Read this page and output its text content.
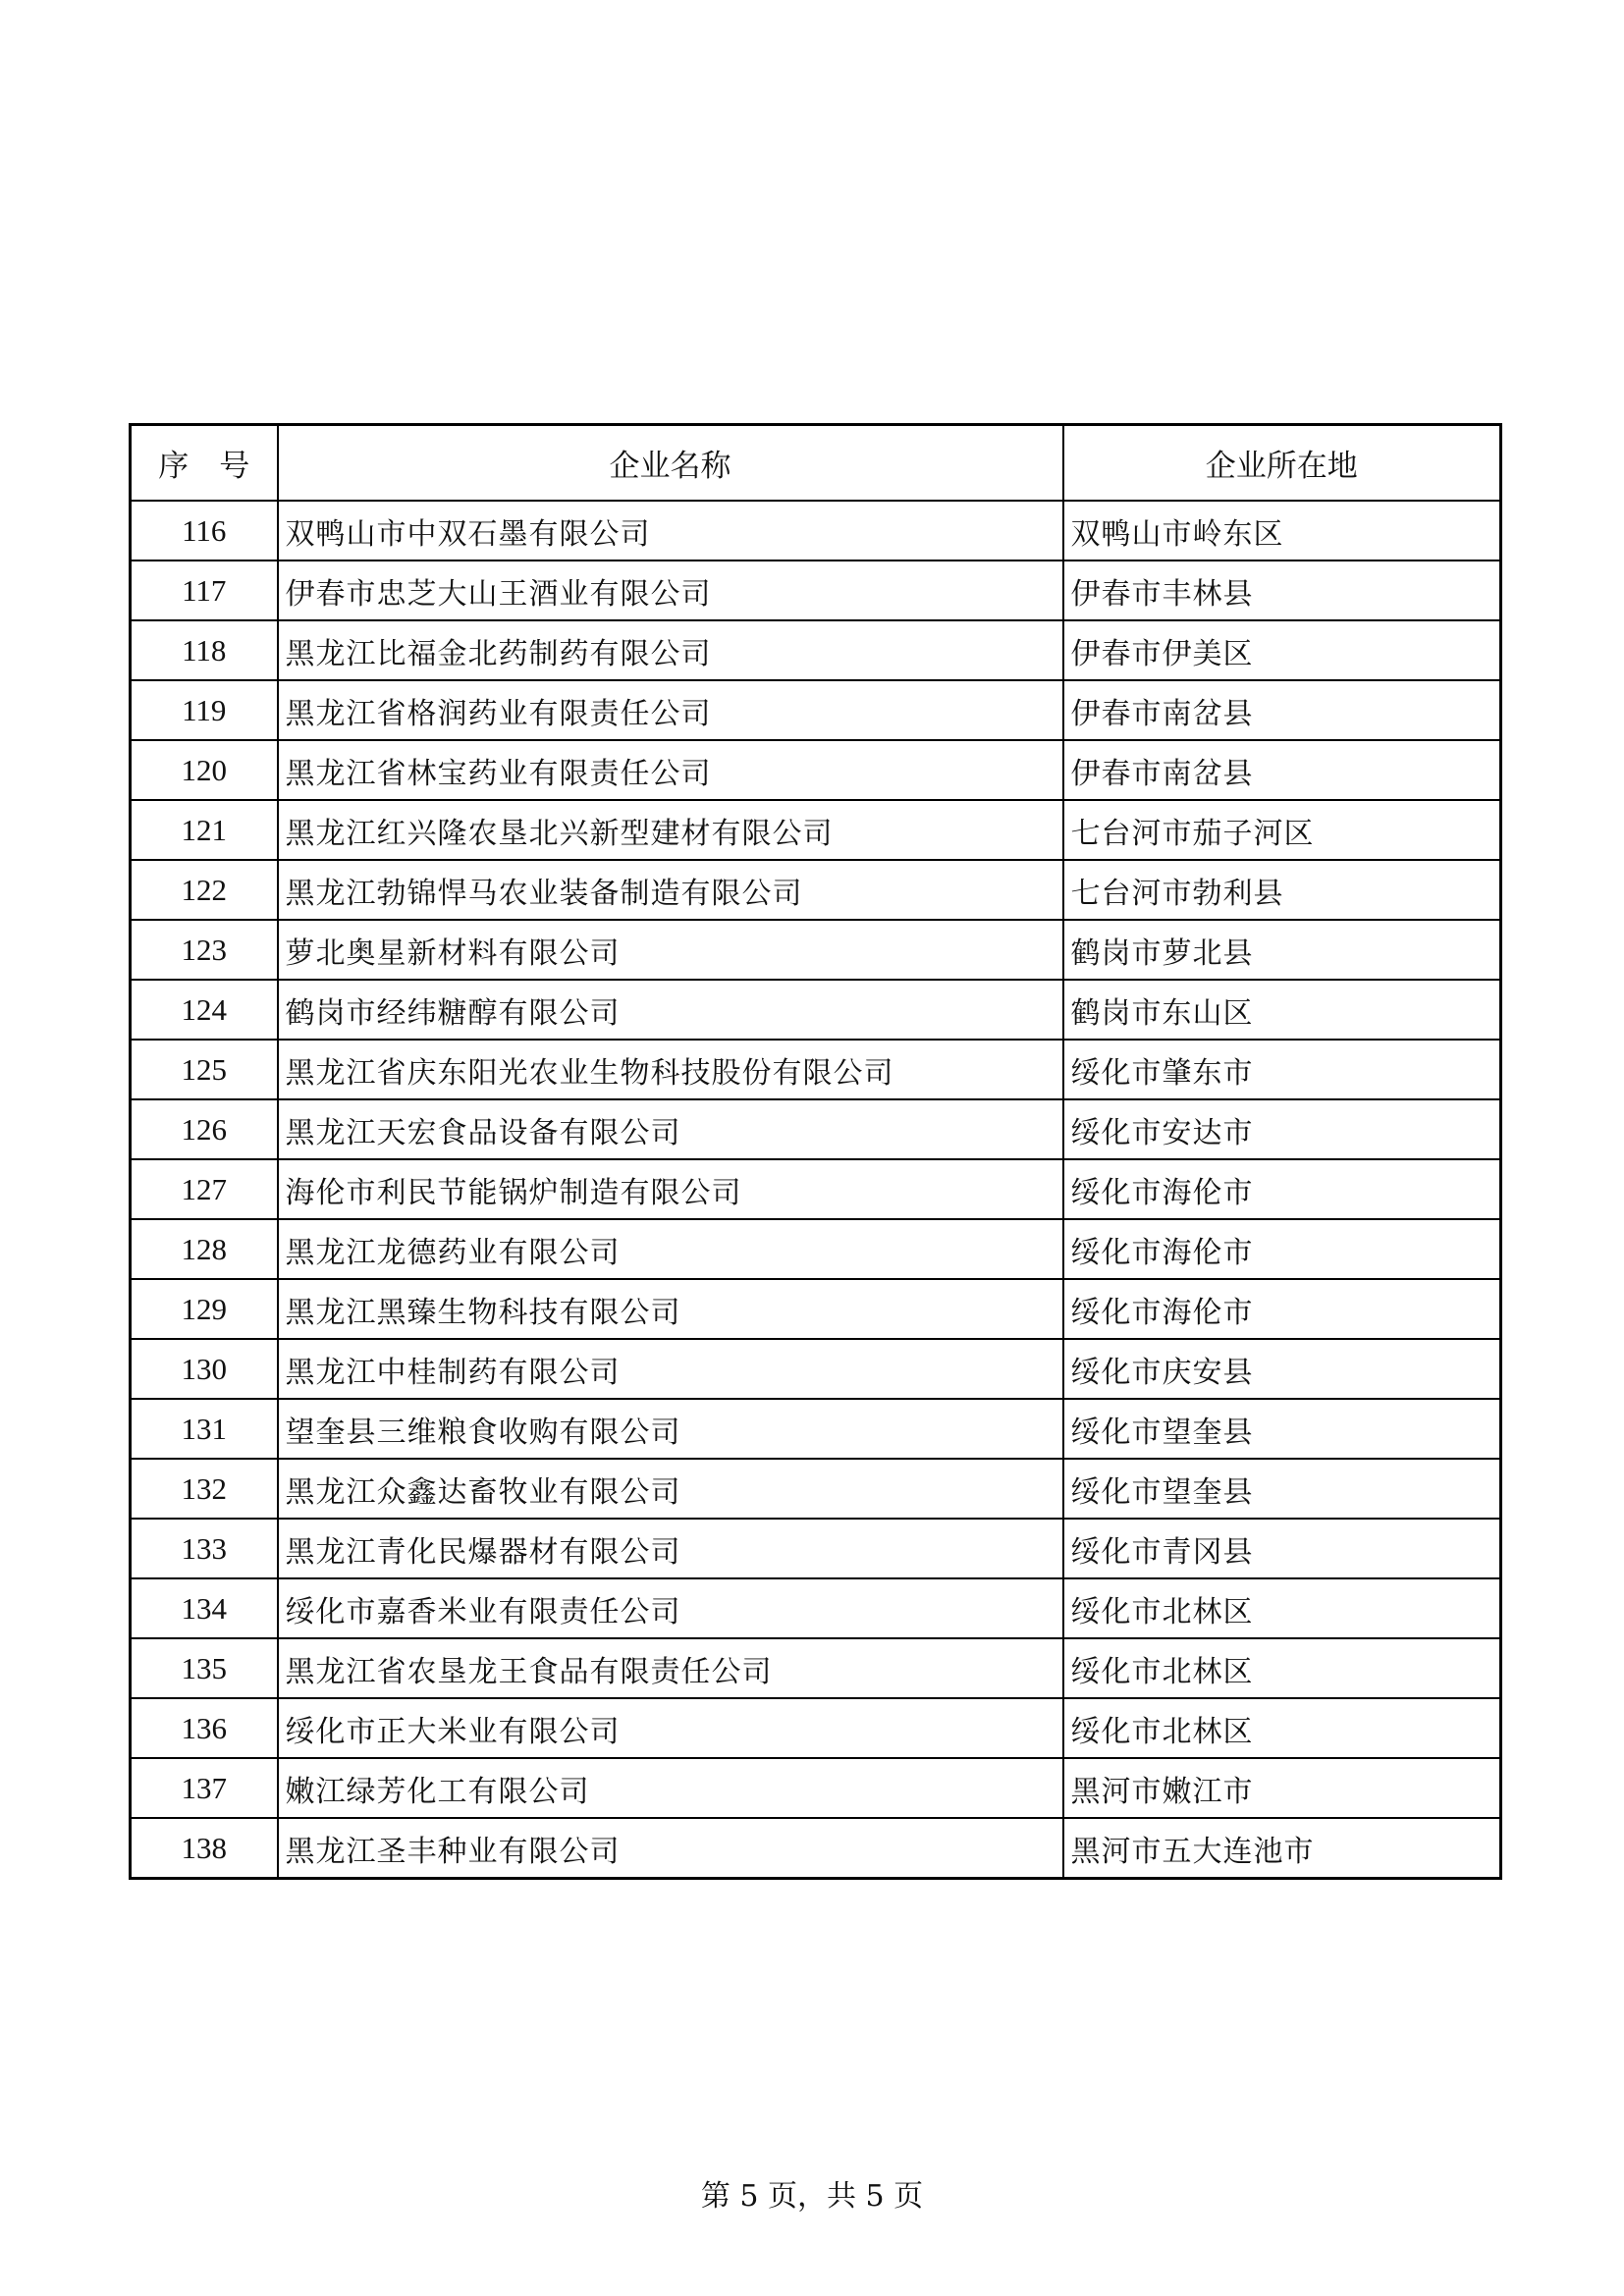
序　号	企业名称	企业所在地
116	双鸭山市中双石墨有限公司	双鸭山市岭东区
117	伊春市忠芝大山王酒业有限公司	伊春市丰林县
118	黑龙江比福金北药制药有限公司	伊春市伊美区
119	黑龙江省格润药业有限责任公司	伊春市南岔县
120	黑龙江省林宝药业有限责任公司	伊春市南岔县
121	黑龙江红兴隆农垦北兴新型建材有限公司	七台河市茄子河区
122	黑龙江勃锦悍马农业装备制造有限公司	七台河市勃利县
123	萝北奥星新材料有限公司	鹤岗市萝北县
124	鹤岗市经纬糖醇有限公司	鹤岗市东山区
125	黑龙江省庆东阳光农业生物科技股份有限公司	绥化市肇东市
126	黑龙江天宏食品设备有限公司	绥化市安达市
127	海伦市利民节能锅炉制造有限公司	绥化市海伦市
128	黑龙江龙德药业有限公司	绥化市海伦市
129	黑龙江黑臻生物科技有限公司	绥化市海伦市
130	黑龙江中桂制药有限公司	绥化市庆安县
131	望奎县三维粮食收购有限公司	绥化市望奎县
132	黑龙江众鑫达畜牧业有限公司	绥化市望奎县
133	黑龙江青化民爆器材有限公司	绥化市青冈县
134	绥化市嘉香米业有限责任公司	绥化市北林区
135	黑龙江省农垦龙王食品有限责任公司	绥化市北林区
136	绥化市正大米业有限公司	绥化市北林区
137	嫩江绿芳化工有限公司	黑河市嫩江市
138	黑龙江圣丰种业有限公司	黑河市五大连池市
第 5 页，共 5 页
